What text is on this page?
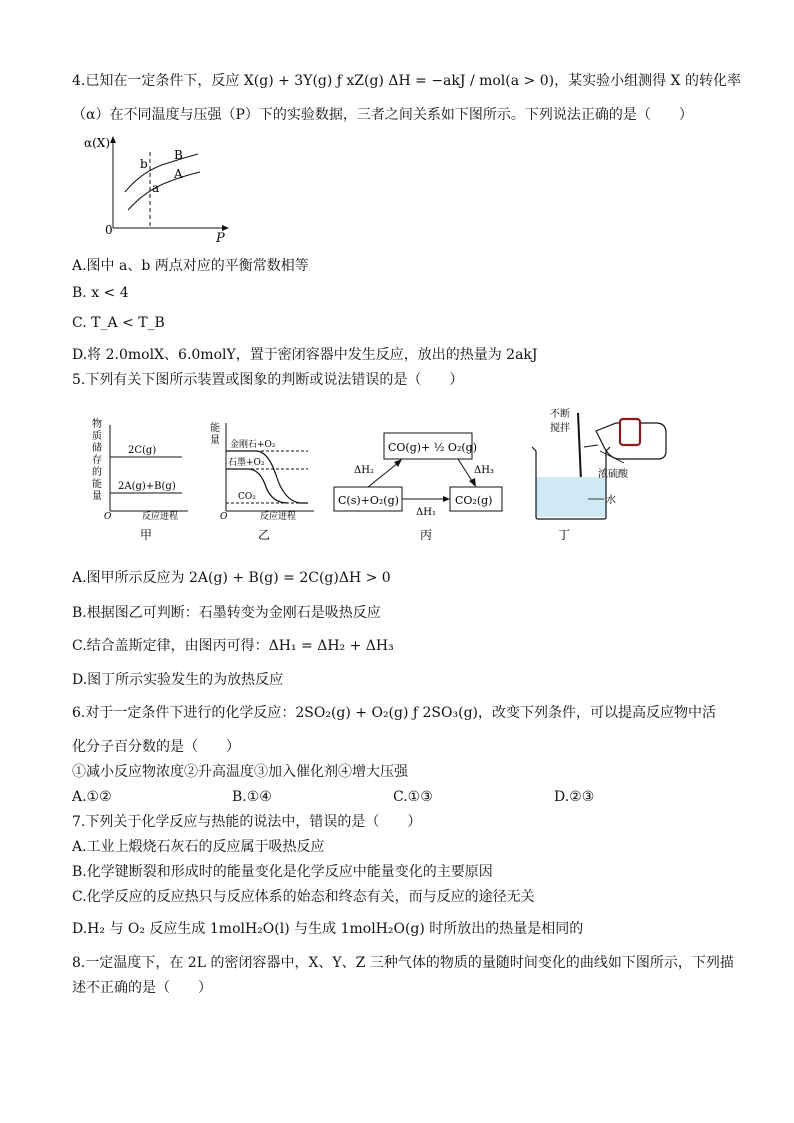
4.已知在一定条件下，反应 X(g) + 3Y(g) ƒ xZ(g) ΔH = −akJ / mol(a > 0)，某实验小组测得 X 的转化率
（α）在不同温度与压强（P）下的实验数据，三者之间关系如下图所示。下列说法正确的是（　　）
α(X)
P
0
B
A
b
a
A.图中 a、b 两点对应的平衡常数相等
B. x < 4
C. T_A < T_B
D.将 2.0molX、6.0molY，置于密闭容器中发生反应，放出的热量为 2akJ
5.下列有关下图所示装置或图象的判断或说法错误的是（　　）
物
质
储
存
的
能
量
2C(g)
2A(g)+B(g)
O	反应进程
甲
能
量 金刚石+O₂
石墨+O₂
CO₂
O	反应进程
乙
CO(g)+ ½ O₂(g)
C(s)+O₂(g)	CO₂(g)
ΔH₁
ΔH₂	ΔH₃
丙
不断
搅拌
浓硫酸
水
丁
A.图甲所示反应为 2A(g) + B(g) = 2C(g)ΔH > 0
B.根据图乙可判断：石墨转变为金刚石是吸热反应
C.结合盖斯定律，由图丙可得：ΔH₁ = ΔH₂ + ΔH₃
D.图丁所示实验发生的为放热反应
6.对于一定条件下进行的化学反应：2SO₂(g) + O₂(g) ƒ 2SO₃(g)，改变下列条件，可以提高反应物中活
化分子百分数的是（　　）
①减小反应物浓度②升高温度③加入催化剂④增大压强
A.①②	B.①④	C.①③	D.②③
7.下列关于化学反应与热能的说法中，错误的是（　　）
A.工业上煅烧石灰石的反应属于吸热反应
B.化学键断裂和形成时的能量变化是化学反应中能量变化的主要原因
C.化学反应的反应热只与反应体系的始态和终态有关，而与反应的途径无关
D.H₂ 与 O₂ 反应生成 1molH₂O(l) 与生成 1molH₂O(g) 时所放出的热量是相同的
8.一定温度下，在 2L 的密闭容器中，X、Y、Z 三种气体的物质的量随时间变化的曲线如下图所示，下列描
述不正确的是（　　）
